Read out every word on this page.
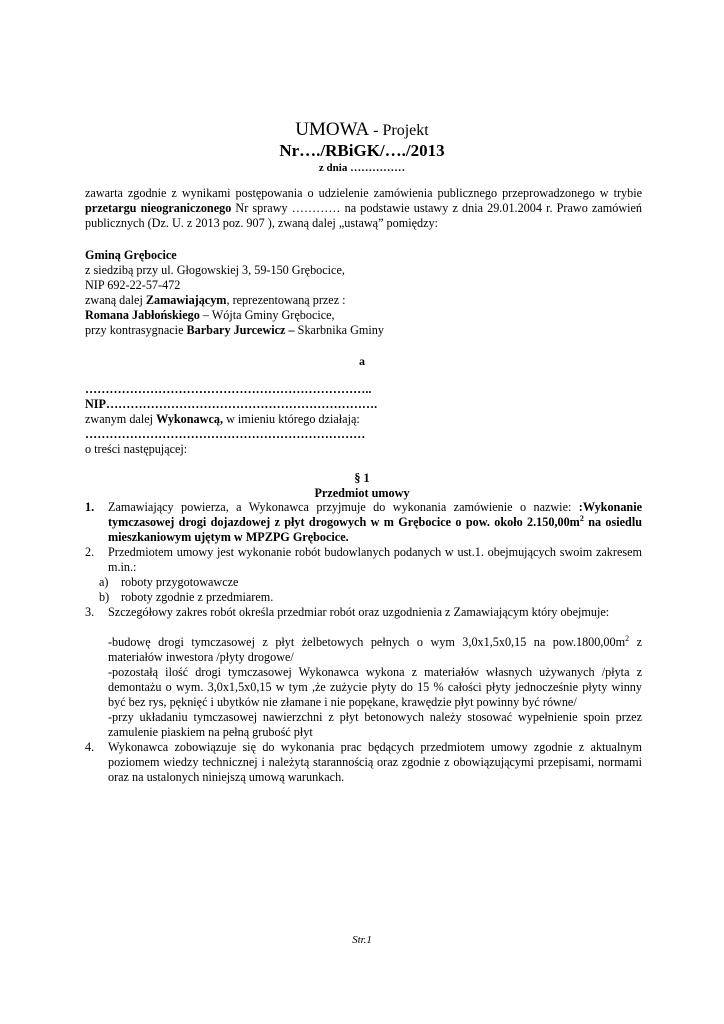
UMOWA - Projekt
Nr…./RBiGK/…./2013
z dnia ……………
zawarta zgodnie z wynikami postępowania o udzielenie zamówienia publicznego przeprowadzonego w trybie przetargu nieograniczonego Nr sprawy ………… na podstawie ustawy z dnia 29.01.2004 r. Prawo zamówień publicznych (Dz. U. z 2013 poz. 907 ), zwaną dalej „ustawą” pomiędzy:
Gminą Grębocice
z siedzibą przy ul. Głogowskiej 3, 59-150 Grębocice,
NIP 692-22-57-472
zwaną dalej Zamawiającym, reprezentowaną przez :
Romana Jabłońskiego – Wójta Gminy Grębocice,
przy kontrasygnacie Barbary Jurcewicz – Skarbnika Gminy
a
……………………………………………………………..
NIP………………………………………………………….
zwanym dalej Wykonawcą, w imieniu którego działają:
……………………………………………………………
o treści następującej:
§ 1
Przedmiot umowy
1. Zamawiający powierza, a Wykonawca przyjmuje do wykonania zamówienie o nazwie: :Wykonanie tymczasowej drogi dojazdowej z płyt drogowych w m Grębocice o pow. około $2.150,00m^2$ na osiedlu mieszkaniowym ujętym w MPZPG Grębocice.
2. Przedmiotem umowy jest wykonanie robót budowlanych podanych w ust.1. obejmujących swoim zakresem m.in.:
a) roboty przygotowawcze
b) roboty zgodnie z przedmiarem.
3. Szczegółowy zakres robót określa przedmiar robót oraz uzgodnienia z Zamawiającym który obejmuje:
-budowę drogi tymczasowej z płyt żelbetowych pełnych o wym 3,0x1,5x0,15 na $pow.1800,00m^2$ z materiałów inwestora /płyty drogowe/
-pozostałą ilość drogi tymczasowej Wykonawca wykona z materiałów własnych używanych /płyta z demontażu o wym. 3,0x1,5x0,15 w tym ,że zużycie płyty do 15 % całości płyty jednocześnie płyty winny być bez rys, pęknięć i ubytków nie złamane i nie popękane, krawędzie płyt powinny być równe/
-przy układaniu tymczasowej nawierzchni z płyt betonowych należy stosować wypełnienie spoin przez zamulenie piaskiem na pełną grubość płyt
4. Wykonawca zobowiązuje się do wykonania prac będących przedmiotem umowy zgodnie z aktualnym poziomem wiedzy technicznej i należytą starannością oraz zgodnie z obowiązującymi przepisami, normami oraz na ustalonych niniejszą umową warunkach.
Str.1
